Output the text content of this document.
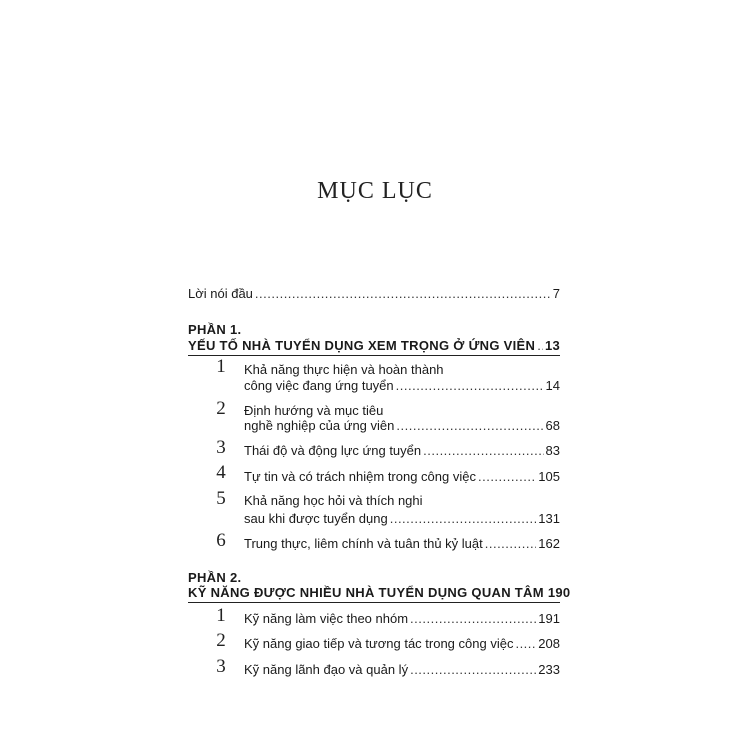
MỤC LỤC
Lời nói đầu .....	7
PHẦN 1.
YẾU TỐ NHÀ TUYỂN DỤNG XEM TRỌNG Ở ỨNG VIÊN ..... 13
1 Khả năng thực hiện và hoàn thành
công việc đang ứng tuyển .....	14
2 Định hướng và mục tiêu
nghề nghiệp của ứng viên .....	68
3 Thái độ và động lực ứng tuyển .....	83
4 Tự tin và có trách nhiệm trong công việc .....	105
5 Khả năng học hỏi và thích nghi
sau khi được tuyển dụng .....	131
6 Trung thực, liêm chính và tuân thủ kỷ luật .....	162
PHẦN 2.
KỸ NĂNG ĐƯỢC NHIỀU NHÀ TUYỂN DỤNG QUAN TÂM 190
1 Kỹ năng làm việc theo nhóm .....	191
2 Kỹ năng giao tiếp và tương tác trong công việc ..... 208
3 Kỹ năng lãnh đạo và quản lý .....	233
